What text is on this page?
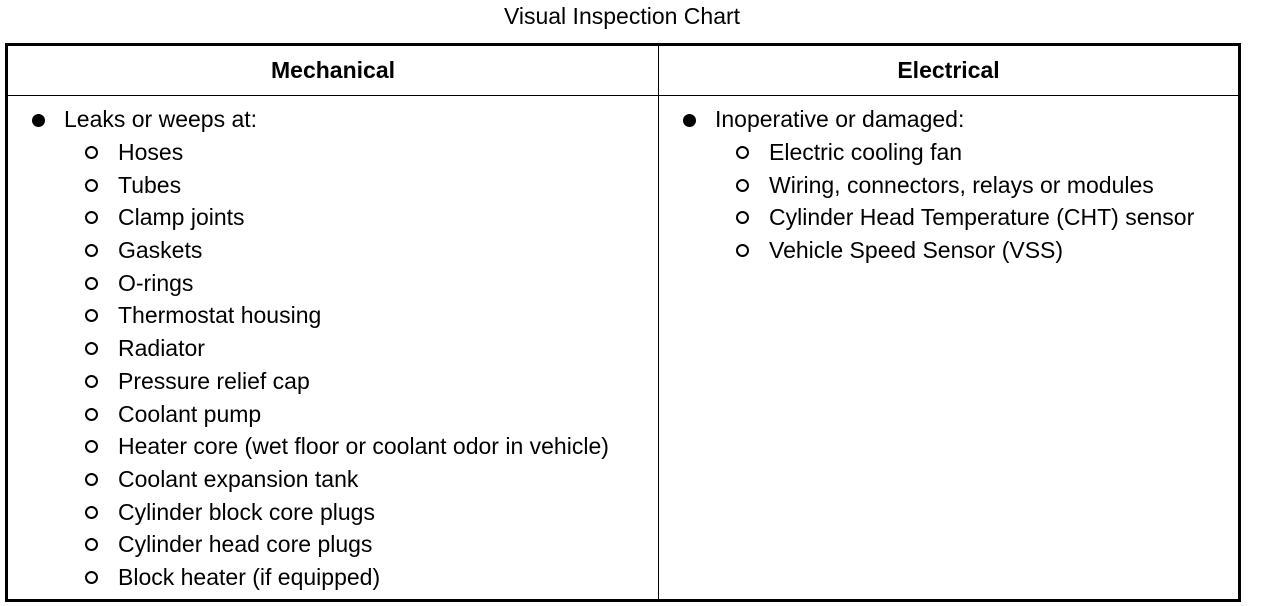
Visual Inspection Chart
Mechanical
Leaks or weeps at:
Hoses
Tubes
Clamp joints
Gaskets
O-rings
Thermostat housing
Radiator
Pressure relief cap
Coolant pump
Heater core (wet floor or coolant odor in vehicle)
Coolant expansion tank
Cylinder block core plugs
Cylinder head core plugs
Block heater (if equipped)
Electrical
Inoperative or damaged:
Electric cooling fan
Wiring, connectors, relays or modules
Cylinder Head Temperature (CHT) sensor
Vehicle Speed Sensor (VSS)
